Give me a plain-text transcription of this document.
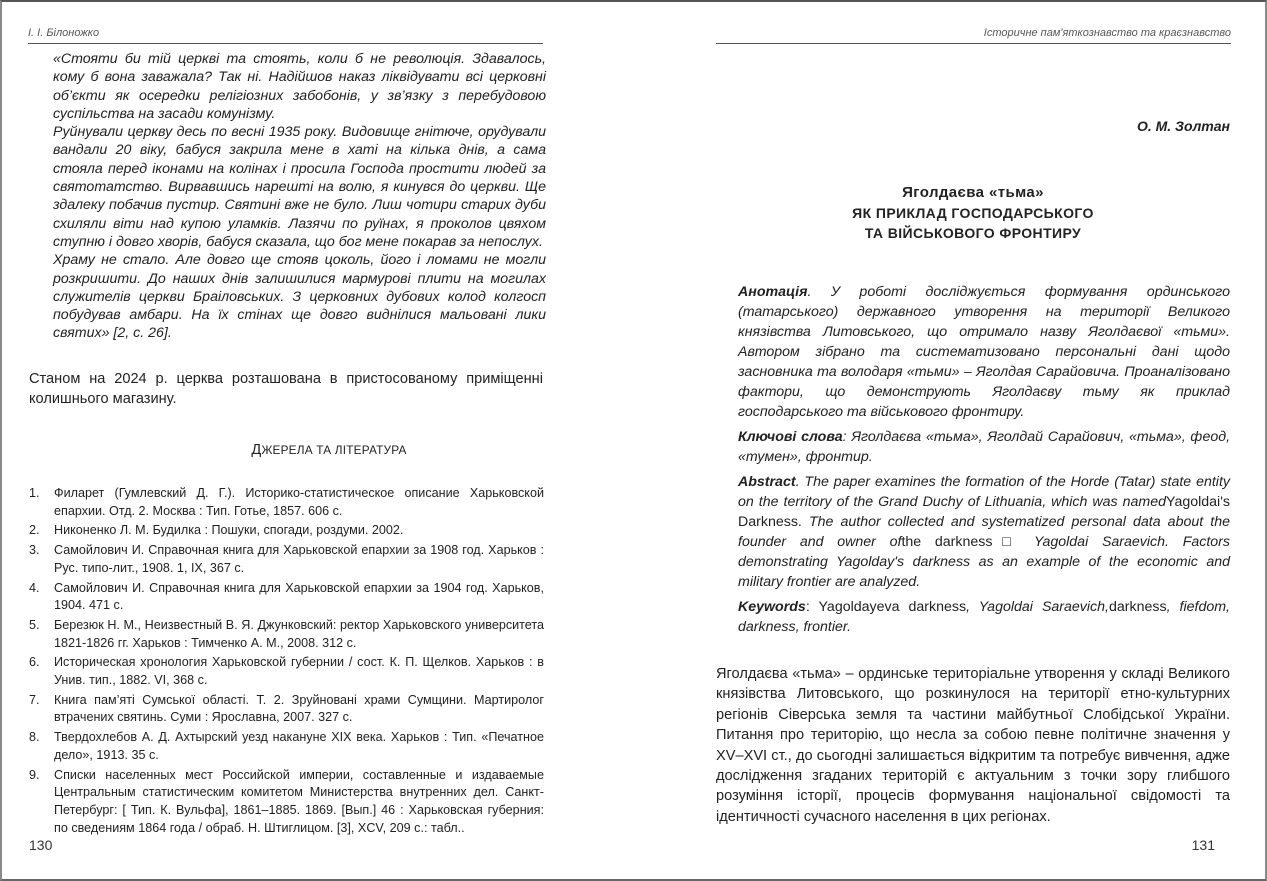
І. І. Білоножко

«Стояти би тій церкві та стоять, коли б не революція. Здавалось, кому б вона заважала? Так ні. Надійшов наказ ліквідувати всі церковні об’єкти як осередки релігіозних забобонів, у зв’язку з перебудовою суспільства на засади комунізму.

Руйнували церкву десь по весні 1935 року. Видовище гнітюче, орудували вандали 20 віку, бабуся закрила мене в хаті на кілька днів, а сама стояла перед іконами на колінах і просила Господа простити людей за святотатство. Вирвавшись нарешті на волю, я кинувся до церкви. Ще здалеку побачив пустир. Святині вже не було. Лиш чотири старих дуби схиляли віти над купою уламків. Лазячи по руїнах, я проколов цвяхом ступню і довго хворів, бабуся сказала, що бог мене покарав за непослух.

Храму не стало. Але довго ще стояв цоколь, його і ломами не могли розкришити. До наших днів залишилися мармурові плити на могилах служителів церкви Браіловських. З церковних дубових колод колгосп побудував амбари. На їх стінах ще довго виднілися мальовані лики святих» [2, с. 26].

Станом на 2024 р. церква розташована в пристосованому приміщенні колишнього магазину.

ДЖЕРЕЛА ТА ЛІТЕРАТУРА
1. Филарет (Гумлевский Д. Г.). Историко-статистическое описание Харьковской епархии. Отд. 2. Москва : Тип. Готье, 1857. 606 с.
2. Никоненко Л. М. Будилка : Пошуки, спогади, роздуми. 2002.
3. Самойлович И. Справочная книга для Харьковской епархии за 1908 год. Харьков : Рус. типо-лит., 1908. 1, IX, 367 с.
4. Самойлович И. Справочная книга для Харьковской епархии за 1904 год. Харьков, 1904. 471 с.
5. Березюк Н. М., Неизвестный В. Я. Джунковский: ректор Харьковского университета 1821-1826 гг. Харьков : Тимченко А. М., 2008. 312 с.
6. Историческая хронология Харьковской губернии / сост. К. П. Щелков. Харьков : в Унив. тип., 1882. VI, 368 с.
7. Книга пам’яті Сумської області. Т. 2. Зруйновані храми Сумщини. Мартиролог втрачених святинь. Суми : Ярославна, 2007. 327 с.
8. Твердохлебов А. Д. Ахтырский уезд накануне XIX века. Харьков : Тип. «Печатное дело», 1913. 35 с.
9. Списки населенных мест Российской империи, составленные и издаваемые Центральным статистическим комитетом Министерства внутренних дел. Санкт-Петербург: [ Тип. К. Вульфа], 1861–1885. 1869. [Вып.] 46 : Харьковская губерния: по сведениям 1864 года / обраб. Н. Штиглицом. [3], XCV, 209 с.: табл..
130
Історичне пам'яткознавство та краєзнавство
О. М. Золтан
Яголдаєва «тьма»
ЯК ПРИКЛАД ГОСПОДАРСЬКОГО
ТА ВІЙСЬКОВОГО ФРОНТИРУ

Анотація. У роботі досліджується формування ординського (татарського) державного утворення на території Великого князівства Литовського, що отримало назву Яголдаєвої «тьми». Автором зібрано та систематизовано персональні дані щодо засновника та володаря «тьми» – Яголдая Сарайовича. Проаналізовано фактори, що демонструють Яголдаєву тьму як приклад господарського та військового фронтиру.

Ключові слова: Яголдаєва «тьма», Яголдай Сарайович, «тьма», феод, «тумен», фронтир.

Abstract. The paper examines the formation of the Horde (Tatar) state entity on the territory of the Grand Duchy of Lithuania, which was namedYagoldai's Darkness. The author collected and systematized personal data about the founder and owner ofthe darkness□ Yagoldai Saraevich. Factors demonstrating Yagolday's darkness as an example of the economic and military frontier are analyzed.

Keywords: Yagoldayeva darkness, Yagoldai Saraevich,darkness, fiefdom, darkness, frontier.

Яголдаєва «тьма» – ординське територіальне утворення у складі Великого князівства Литовського, що розкинулося на території етно-культурних регіонів Сіверська земля та частини майбутньої Слобідської України. Питання про територію, що несла за собою певне політичне значення у XV–XVI ст., до сьогодні залишається відкритим та потребує вивчення, адже дослідження згаданих територій є актуальним з точки зору глибшого розуміння історії, процесів формування національної свідомості та ідентичності сучасного населення в цих регіонах.

131
